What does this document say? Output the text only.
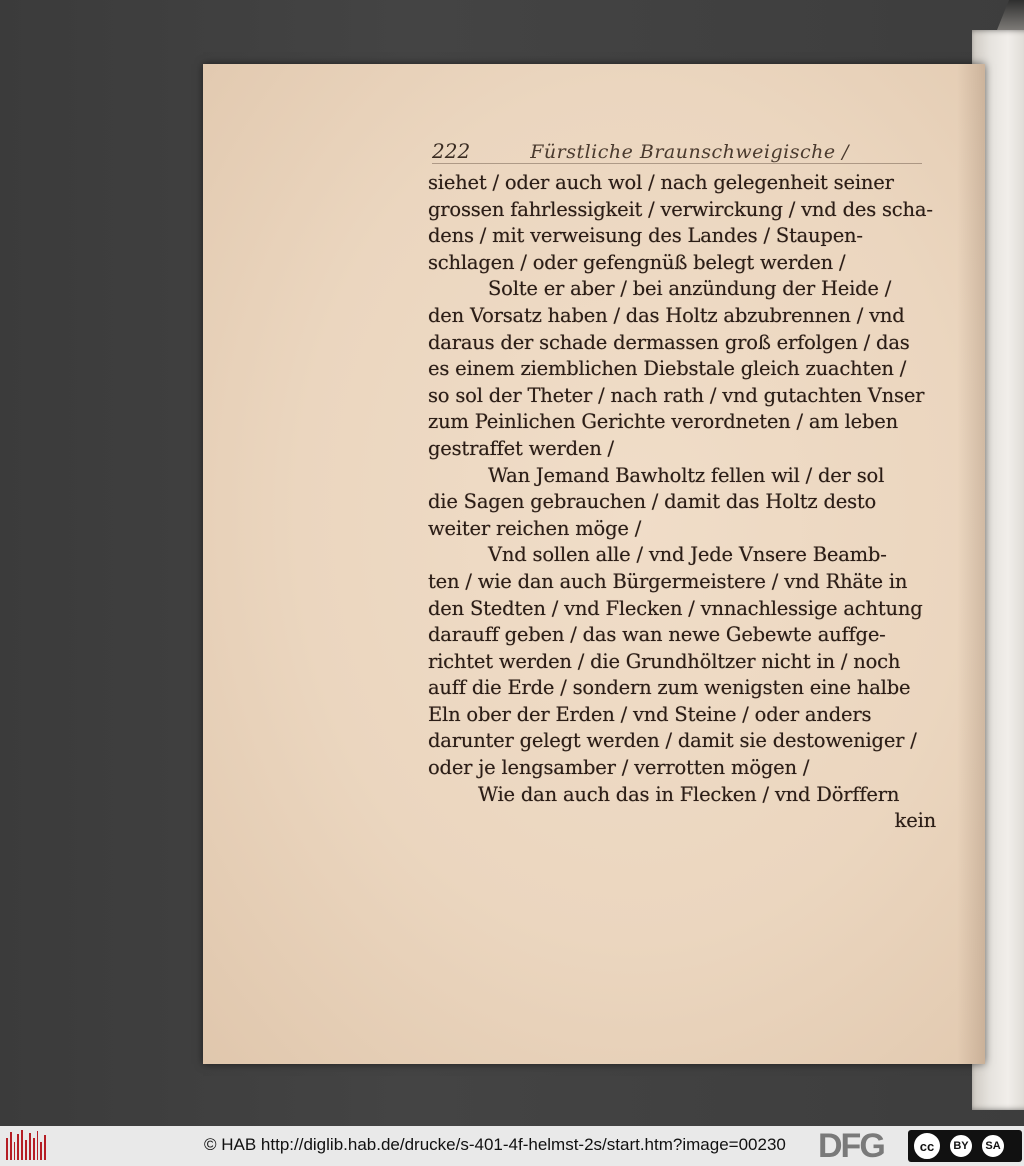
222	Fürstliche Braunschweigische /
siehet / oder auch wol / nach gelegenheit seiner
grossen fahrlessigkeit / verwirckung / vnd des scha-
dens / mit verweisung des Landes / Staupen-
schlagen / oder gefengnüß belegt werden /
Solte er aber / bei anzündung der Heide /
den Vorsatz haben / das Holtz abzubrennen / vnd
daraus der schade dermassen groß erfolgen / das
es einem ziemblichen Diebstale gleich zuachten /
so sol der Theter / nach rath / vnd gutachten Vnser
zum Peinlichen Gerichte verordneten / am leben
gestraffet werden /
Wan Jemand Bawholtz fellen wil / der sol
die Sagen gebrauchen / damit das Holtz desto
weiter reichen möge /
Vnd sollen alle / vnd Jede Vnsere Beamb-
ten / wie dan auch Bürgermeistere / vnd Rhäte in
den Stedten / vnd Flecken / vnnachlessige achtung
darauff geben / das wan newe Gebewte auffge-
richtet werden / die Grundhöltzer nicht in / noch
auff die Erde / sondern zum wenigsten eine halbe
Eln ober der Erden / vnd Steine / oder anders
darunter gelegt werden / damit sie destoweniger /
oder je lengsamber / verrotten mögen /
Wie dan auch das in Flecken / vnd Dörffern
kein
© HAB http://diglib.hab.de/drucke/s-401-4f-helmst-2s/start.htm?image=00230 DFG	cc	BY	SA
